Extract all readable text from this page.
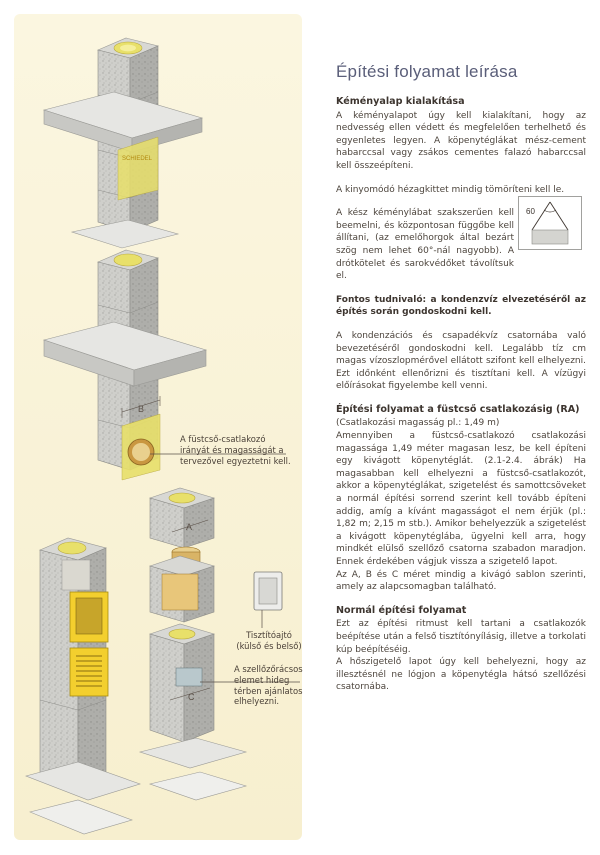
SCHIEDEL
B
A
C
A füstcső-csatlakozó irányát és magasságát a tervezővel egyeztetni kell.
Tisztítóajtó (külső és belső)
A szellőzőrácsos elemet hideg térben ajánlatos elhelyezni.
Építési folyamat leírása
60
Kéményalap kialakítása

A kéményalapot úgy kell kialakítani, hogy az nedvesség ellen védett és megfelelően terhelhető és egyenletes legyen. A köpenytéglákat mész-cement habarccsal vagy zsákos cementes falazó habarccsal kell összeépíteni.

A kinyomódó hézagkittet mindig tömöríteni kell le.

A kész kéménylábat szakszerűen kell beemelni, és központosan függőbe kell állítani, (az emelőhorgok által bezárt szög nem lehet 60°-nál nagyobb). A drótkötelet és sarokvédőket távolítsuk el.

Fontos tudnivaló: a kondenzvíz elvezetéséről az építés során gondoskodni kell.

A kondenzációs és csapadékvíz csatornába való bevezetéséről gondoskodni kell. Legalább tíz cm magas vízoszlopmérővel ellátott szifont kell elhelyezni. Ezt időnként ellenőrizni és tisztítani kell. A vízügyi előírásokat figyelembe kell venni.

Építési folyamat a füstcső csatlakozásig (RA)

(Csatlakozási magasság pl.: 1,49 m)

Amennyiben a füstcső-csatlakozó csatlakozási magassága 1,49 méter magasan lesz, be kell építeni egy kivágott köpenytéglát. (2.1-2.4. ábrák) Ha magasabban kell elhelyezni a füstcső-csatlakozót, akkor a köpenytéglákat, szigetelést és samottcsöveket a normál építési sorrend szerint kell tovább építeni addig, amíg a kívánt magasságot el nem érjük (pl.: 1,82 m; 2,15 m stb.). Amikor behelyezzük a szigetelést a kivágott köpenytéglába, ügyelni kell arra, hogy mindkét elülső szellőző csatorna szabadon maradjon. Ennek érdekében vágjuk vissza a szigetelő lapot.

Az A, B és C méret mindig a kivágó sablon szerinti, amely az alapcsomagban található.

Normál építési folyamat

Ezt az építési ritmust kell tartani a csatlakozók beépítése után a felső tisztítónyílásig, illetve a torkolati kúp beépítéséig.

A hőszigetelő lapot úgy kell behelyezni, hogy az illesztésnél ne lógjon a köpenytégla hátsó szellőzési csatornába.
